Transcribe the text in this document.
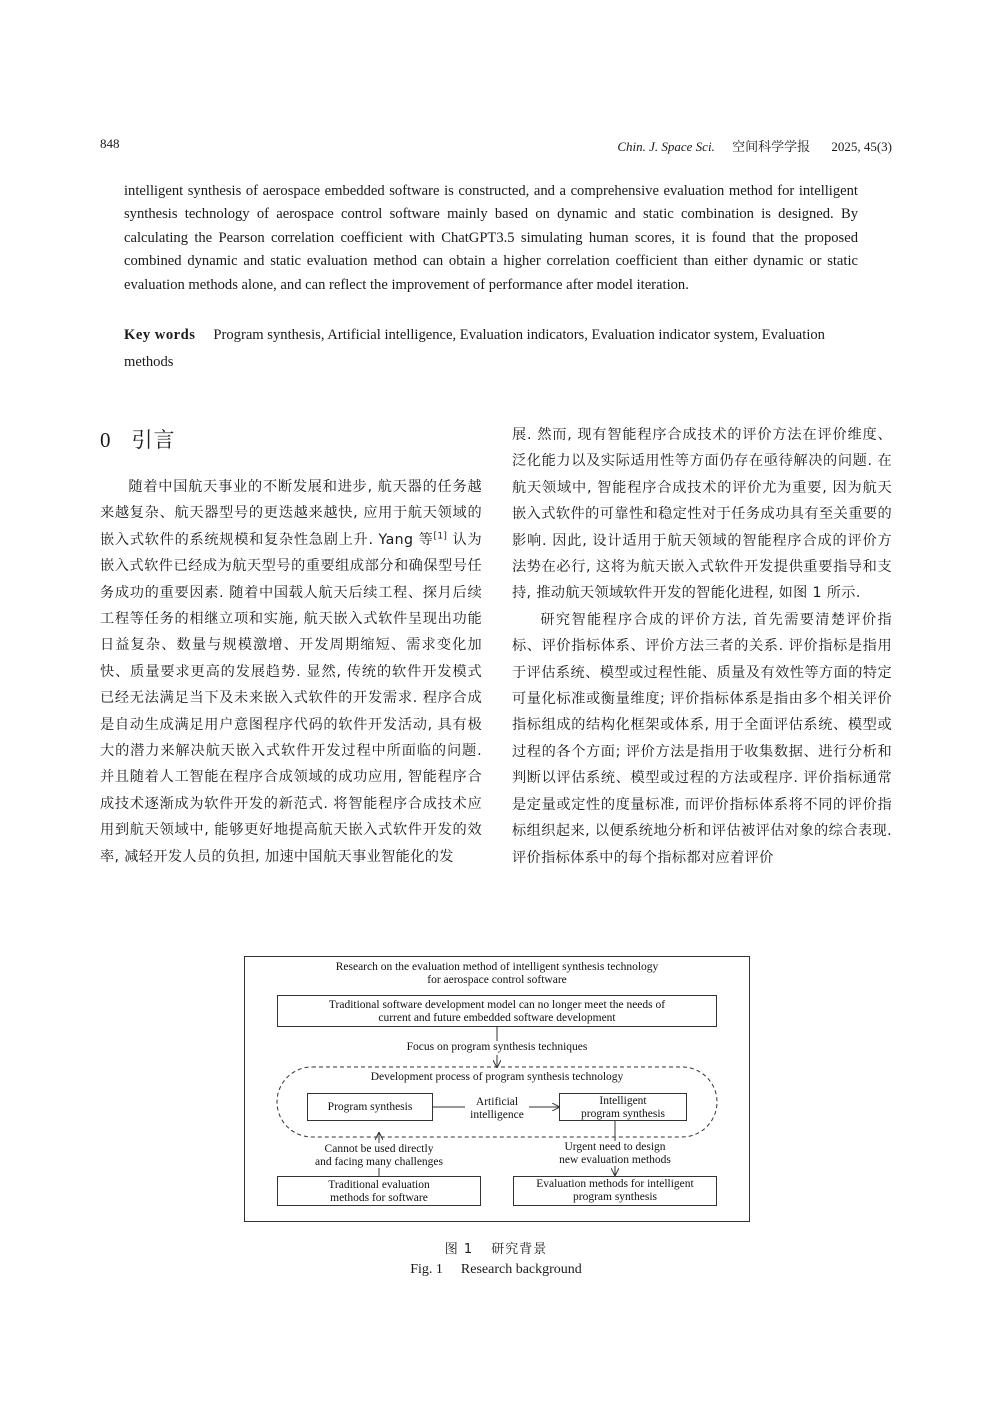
848	Chin. J. Space Sci. 空间科学学报 2025, 45(3)
intelligent synthesis of aerospace embedded software is constructed, and a comprehensive evaluation method for intelligent synthesis technology of aerospace control software mainly based on dynamic and static combination is designed. By calculating the Pearson correlation coefficient with ChatGPT3.5 simulating human scores, it is found that the proposed combined dynamic and static evaluation method can obtain a higher correlation coefficient than either dynamic or static evaluation methods alone, and can reflect the improvement of performance after model iteration.
Key words Program synthesis, Artificial intelligence, Evaluation indicators, Evaluation indicator system, Evaluation methods
0 引言

随着中国航天事业的不断发展和进步, 航天器的任务越来越复杂、航天器型号的更迭越来越快, 应用于航天领域的嵌入式软件的系统规模和复杂性急剧上升. Yang 等[1] 认为嵌入式软件已经成为航天型号的重要组成部分和确保型号任务成功的重要因素. 随着中国载人航天后续工程、探月后续工程等任务的相继立项和实施, 航天嵌入式软件呈现出功能日益复杂、数量与规模激增、开发周期缩短、需求变化加快、质量要求更高的发展趋势. 显然, 传统的软件开发模式已经无法满足当下及未来嵌入式软件的开发需求. 程序合成是自动生成满足用户意图程序代码的软件开发活动, 具有极大的潜力来解决航天嵌入式软件开发过程中所面临的问题. 并且随着人工智能在程序合成领域的成功应用, 智能程序合成技术逐渐成为软件开发的新范式. 将智能程序合成技术应用到航天领域中, 能够更好地提高航天嵌入式软件开发的效率, 减轻开发人员的负担, 加速中国航天事业智能化的发

展. 然而, 现有智能程序合成技术的评价方法在评价维度、泛化能力以及实际适用性等方面仍存在亟待解决的问题. 在航天领域中, 智能程序合成技术的评价尤为重要, 因为航天嵌入式软件的可靠性和稳定性对于任务成功具有至关重要的影响. 因此, 设计适用于航天领域的智能程序合成的评价方法势在必行, 这将为航天嵌入式软件开发提供重要指导和支持, 推动航天领域软件开发的智能化进程, 如图 1 所示.

研究智能程序合成的评价方法, 首先需要清楚评价指标、评价指标体系、评价方法三者的关系. 评价指标是指用于评估系统、模型或过程性能、质量及有效性等方面的特定可量化标准或衡量维度; 评价指标体系是指由多个相关评价指标组成的结构化框架或体系, 用于全面评估系统、模型或过程的各个方面; 评价方法是指用于收集数据、进行分析和判断以评估系统、模型或过程的方法或程序. 评价指标通常是定量或定性的度量标准, 而评价指标体系将不同的评价指标组织起来, 以便系统地分析和评估被评估对象的综合表现. 评价指标体系中的每个指标都对应着评价

Research on the evaluation method of intelligent synthesis technology
for aerospace control software
Traditional software development model can no longer meet the needs of
current and future embedded software development
Focus on program synthesis techniques
Development process of program synthesis technology
Program synthesis	Artificial
intelligence
Intelligent
program synthesis
Cannot be used directly
and facing many challenges
Urgent need to design
new evaluation methods
Traditional evaluation
methods for software
Evaluation methods for intelligent
program synthesis
图 1 研究背景
Fig. 1 Research background
